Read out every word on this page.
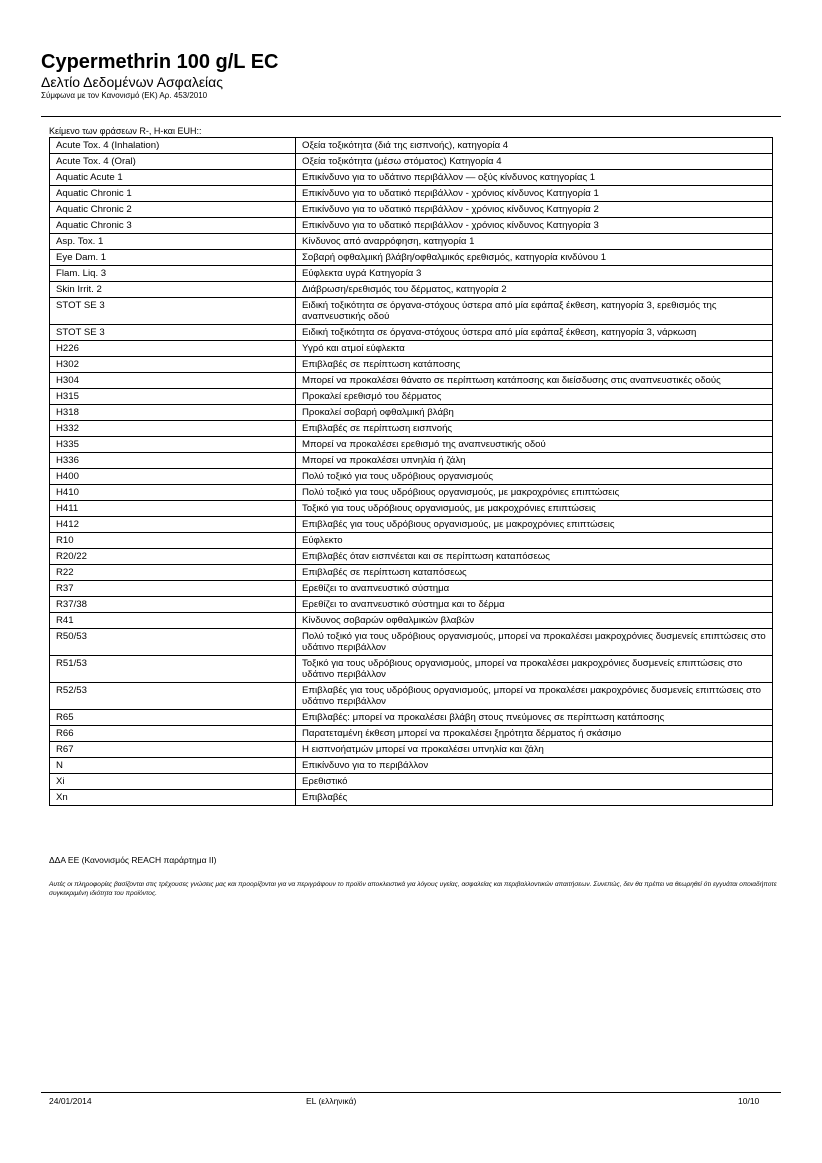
Cypermethrin 100 g/L EC

Δελτίο Δεδομένων Ασφαλείας

Σύμφωνα με τον Κανονισμό (ΕΚ) Αρ. 453/2010

Κείμενο των φράσεων R-, H-και EUH::
Acute Tox. 4 (Inhalation)	Οξεία τοξικότητα (διά της εισπνοής), κατηγορία 4
Acute Tox. 4 (Oral)	Οξεία τοξικότητα (μέσω στόματος) Κατηγορία 4
Aquatic Acute 1	Επικίνδυνο για το υδάτινο περιβάλλον — οξύς κίνδυνος κατηγορίας 1
Aquatic Chronic 1	Επικίνδυνο για το υδατικό περιβάλλον - χρόνιος κίνδυνος Κατηγορία 1
Aquatic Chronic 2	Επικίνδυνο για το υδατικό περιβάλλον - χρόνιος κίνδυνος Κατηγορία 2
Aquatic Chronic 3	Επικίνδυνο για το υδατικό περιβάλλον - χρόνιος κίνδυνος Κατηγορία 3
Asp. Tox. 1	Κίνδυνος από αναρρόφηση, κατηγορία 1
Eye Dam. 1	Σοβαρή οφθαλμική βλάβη/οφθαλμικός ερεθισμός, κατηγορία κινδύνου 1
Flam. Liq. 3	Εύφλεκτα υγρά Κατηγορία 3
Skin Irrit. 2	Διάβρωση/ερεθισμός του δέρματος, κατηγορία 2
STOT SE 3	Ειδική τοξικότητα σε όργανα-στόχους ύστερα από μία εφάπαξ έκθεση, κατηγορία 3, ερεθισμός της αναπνευστικής οδού
STOT SE 3	Ειδική τοξικότητα σε όργανα-στόχους ύστερα από μία εφάπαξ έκθεση, κατηγορία 3, νάρκωση
H226	Υγρό και ατμοί εύφλεκτα
H302	Επιβλαβές σε περίπτωση κατάποσης
H304	Μπορεί να προκαλέσει θάνατο σε περίπτωση κατάποσης και διείσδυσης στις αναπνευστικές οδούς
H315	Προκαλεί ερεθισμό του δέρματος
H318	Προκαλεί σοβαρή οφθαλμική βλάβη
H332	Επιβλαβές σε περίπτωση εισπνοής
H335	Μπορεί να προκαλέσει ερεθισμό της αναπνευστικής οδού
H336	Μπορεί να προκαλέσει υπνηλία ή ζάλη
H400	Πολύ τοξικό για τους υδρόβιους οργανισμούς
H410	Πολύ τοξικό για τους υδρόβιους οργανισμούς, με μακροχρόνιες επιπτώσεις
H411	Τοξικό για τους υδρόβιους οργανισμούς, με μακροχρόνιες επιπτώσεις
H412	Επιβλαβές για τους υδρόβιους οργανισμούς, με μακροχρόνιες επιπτώσεις
R10	Εύφλεκτο
R20/22	Επιβλαβές όταν εισπνέεται και σε περίπτωση καταπόσεως
R22	Επιβλαβές σε περίπτωση καταπόσεως
R37	Ερεθίζει το αναπνευστικό σύστημα
R37/38	Ερεθίζει το αναπνευστικό σύστημα και το δέρμα
R41	Κίνδυνος σοβαρών οφθαλμικών βλαβών
R50/53	Πολύ τοξικό για τους υδρόβιους οργανισμούς, μπορεί να προκαλέσει μακροχρόνιες δυσμενείς επιπτώσεις στο υδάτινο περιβάλλον
R51/53	Τοξικό για τους υδρόβιους οργανισμούς, μπορεί να προκαλέσει μακροχρόνιες δυσμενείς επιπτώσεις στο υδάτινο περιβάλλον
R52/53	Επιβλαβές για τους υδρόβιους οργανισμούς, μπορεί να προκαλέσει μακροχρόνιες δυσμενείς επιπτώσεις στο υδάτινο περιβάλλον
R65	Επιβλαβές: μπορεί να προκαλέσει βλάβη στους πνεύμονες σε περίπτωση κατάποσης
R66	Παρατεταμένη έκθεση μπορεί να προκαλέσει ξηρότητα δέρματος ή σκάσιμο
R67	Η εισπνοήατμών μπορεί να προκαλέσει υπνηλία και ζάλη
N	Επικίνδυνο για το περιβάλλον
Xi	Ερεθιστικό
Xn	Επιβλαβές
ΔΔΑ ΕΕ (Κανονισμός REACH παράρτημα II)
Αυτές οι πληροφορίες βασίζονται στις τρέχουσες γνώσεις μας και προορίζονται για να περιγράψουν το προϊόν αποκλειστικά για λόγους υγείας, ασφαλείας και περιβαλλοντικών απαιτήσεων. Συνεπώς, δεν θα πρέπει να θεωρηθεί ότι εγγυάται οποιαδήποτε συγκεκριμένη ιδιότητα του προϊόντος.
24/01/2014	EL (ελληνικά)	10/10
